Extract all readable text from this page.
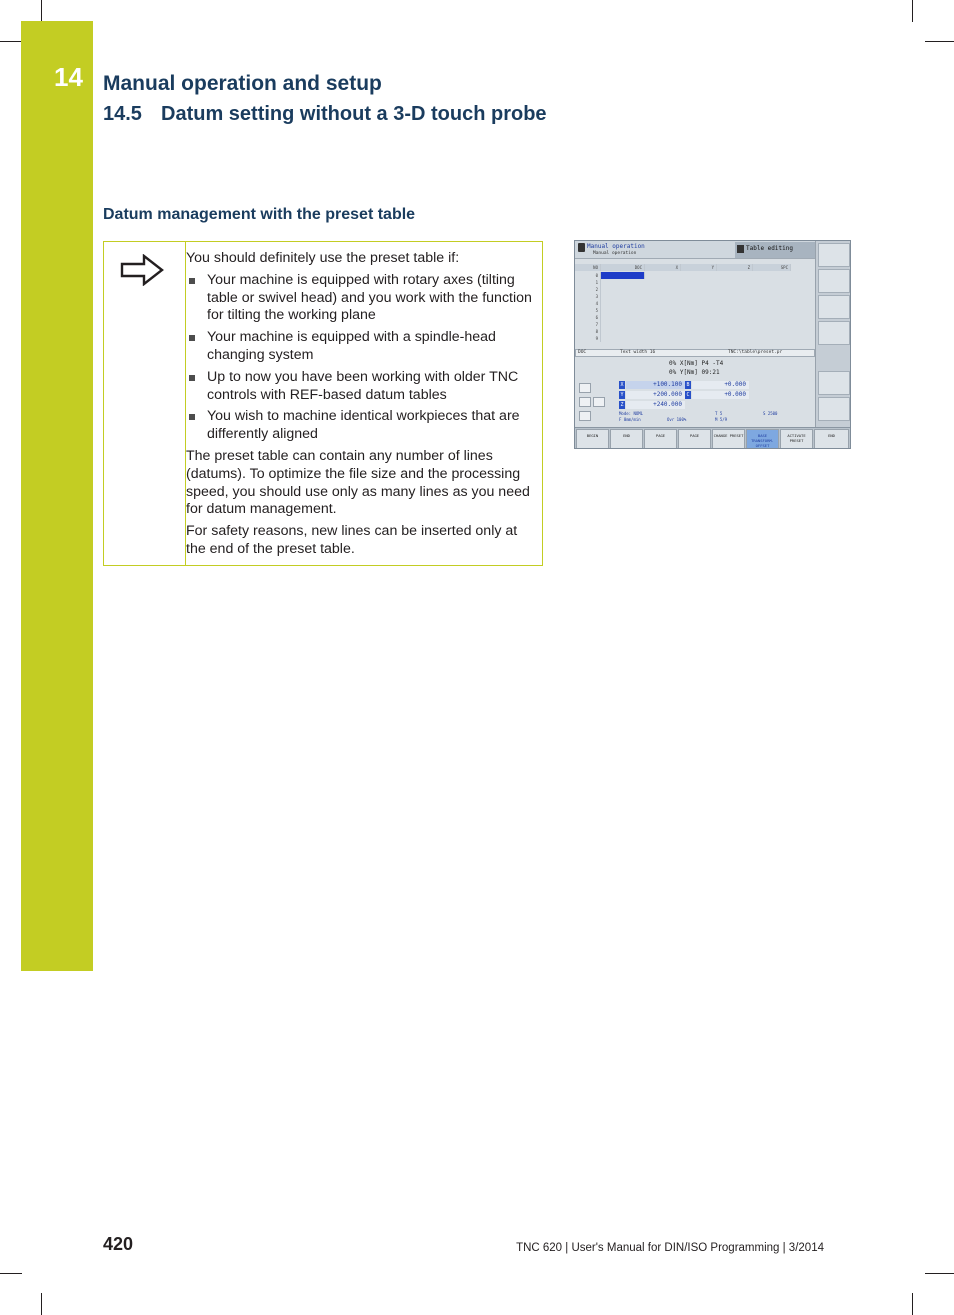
14 Manual operation and setup
14.5 Datum setting without a 3-D touch probe
Datum management with the preset table

You should definitely use the preset table if:

Your machine is equipped with rotary axes (tilting table or swivel head) and you work with the function for tilting the working plane
Your machine is equipped with a spindle-head changing system
Up to now you have been working with older TNC controls with REF-based datum tables
You wish to machine identical workpieces that are differently aligned

The preset table can contain any number of lines (datums). To optimize the file size and the processing speed, you should use only as many lines as you need for datum management.

For safety reasons, new lines can be inserted only at the end of the preset table.

Manual operation
Manual operation
Table editing
NO	DOC	X	Y	Z	SPC
0
1
2
3
4
5
6
7
8
9
DOC	Text width 16	TNC:\table\preset.pr
0% X[Nm] P4 -T4
0% Y[Nm] 09:21
X	+100.100
Y	+200.000
Z	+240.000
B	+0.000
C	+0.000
Mode: NOML	T 5	S 2500
F 0mm/min	Ovr 100%	M 5/9
BEGIN	END	PAGE	PAGE	CHANGE PRESET	BASE TRANSFORM. OFFSET
ACTIVATE PRESET
END
420	TNC 620 | User's Manual for DIN/ISO Programming | 3/2014
